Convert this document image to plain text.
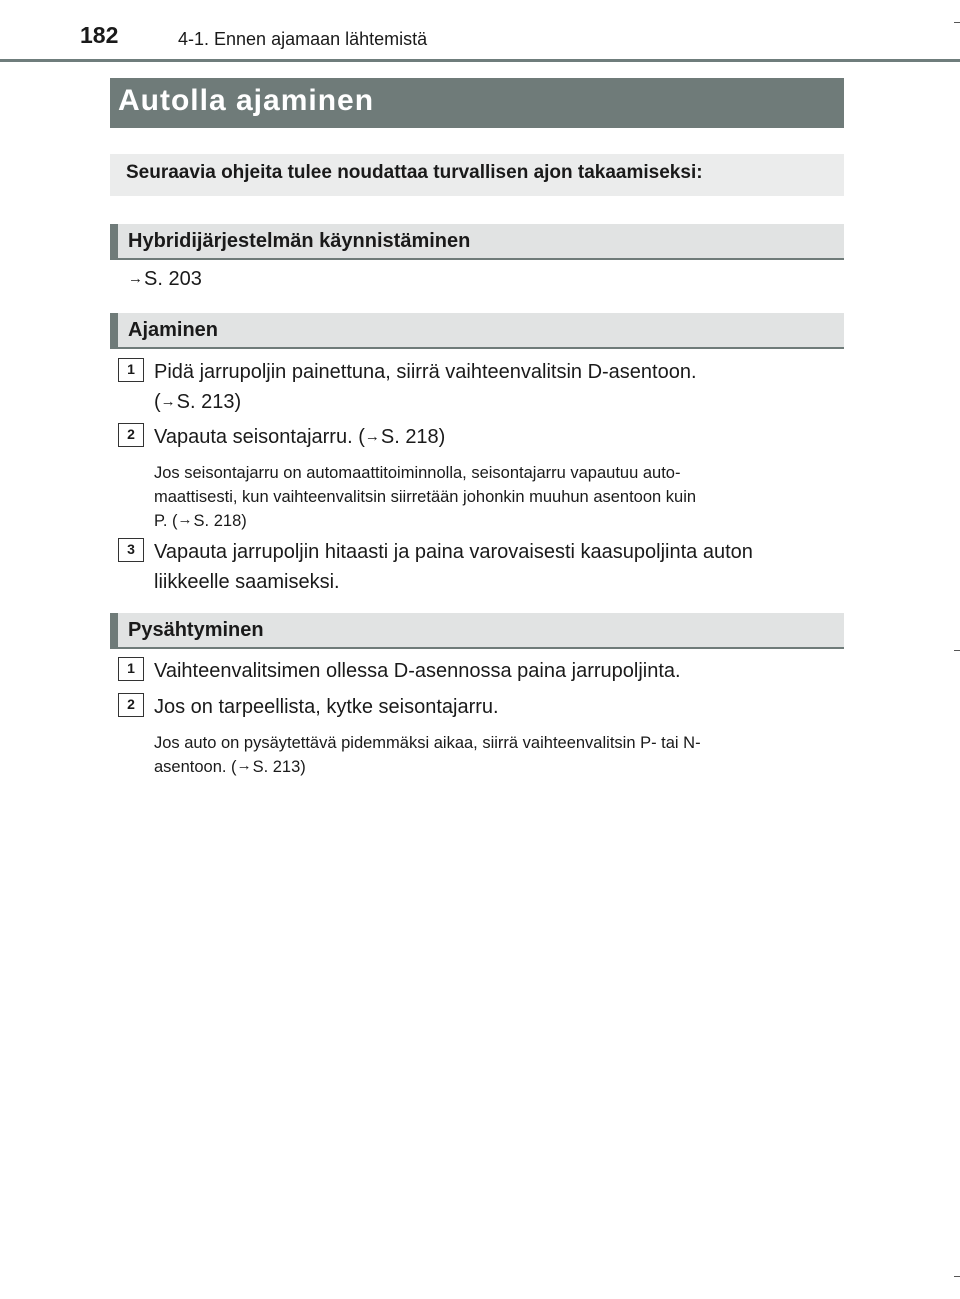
182	4-1. Ennen ajamaan lähtemistä
Autolla ajaminen
Seuraavia ohjeita tulee noudattaa turvallisen ajon takaamiseksi:
Hybridijärjestelmän käynnistäminen
→S. 203
Ajaminen
1 Pidä jarrupoljin painettuna, siirrä vaihteenvalitsin D-asentoon.
(→S. 213)
2 Vapauta seisontajarru. (→S. 218)
Jos seisontajarru on automaattitoiminnolla, seisontajarru vapautuu auto-
maattisesti, kun vaihteenvalitsin siirretään johonkin muuhun asentoon kuin
P. (→S. 218)
3 Vapauta jarrupoljin hitaasti ja paina varovaisesti kaasupoljinta auton
liikkeelle saamiseksi.
Pysähtyminen
1 Vaihteenvalitsimen ollessa D-asennossa paina jarrupoljinta.
2 Jos on tarpeellista, kytke seisontajarru.
Jos auto on pysäytettävä pidemmäksi aikaa, siirrä vaihteenvalitsin P- tai N-
asentoon. (→S. 213)
